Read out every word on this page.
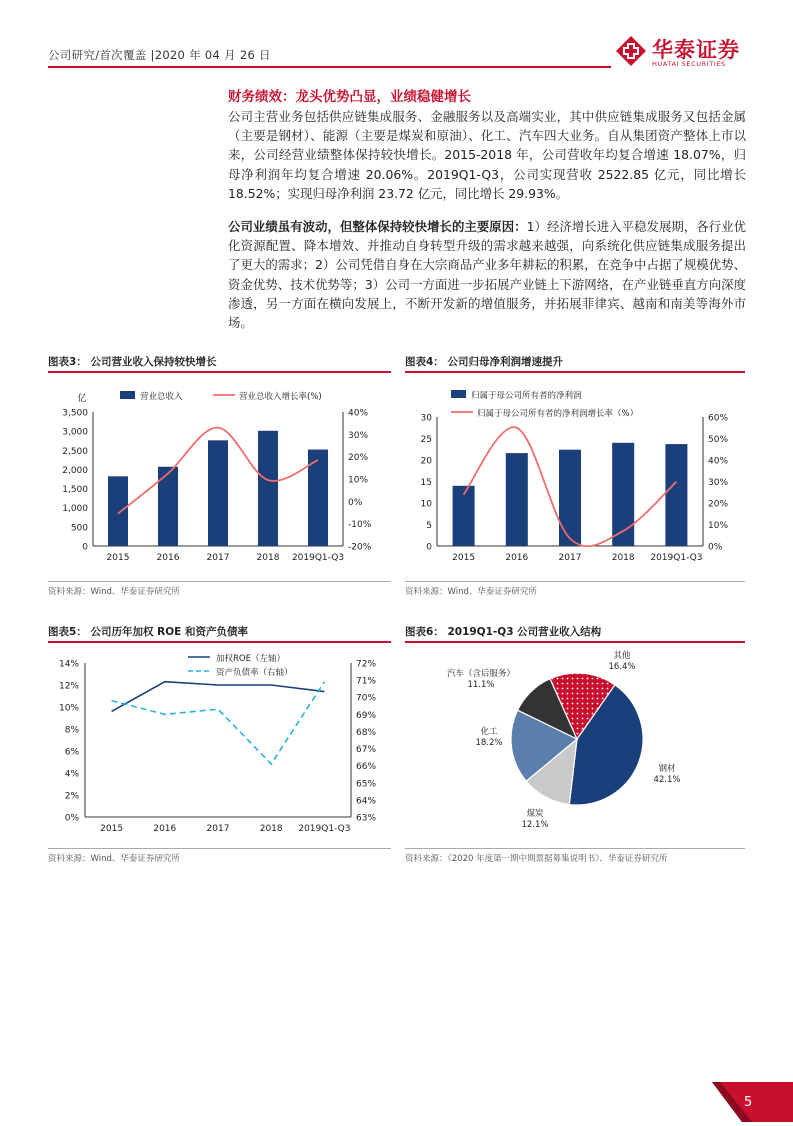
公司研究/首次覆盖 |2020 年 04 月 26 日	华泰证券
HUATAI SECURITIES
财务绩效：龙头优势凸显，业绩稳健增长

公司主营业务包括供应链集成服务、金融服务以及高端实业，其中供应链集成服务又包括金属（主要是钢材）、能源（主要是煤炭和原油）、化工、汽车四大业务。自从集团资产整体上市以来，公司经营业绩整体保持较快增长。2015-2018 年，公司营收年均复合增速 18.07%，归母净利润年均复合增速 20.06%。2019Q1-Q3，公司实现营收 2522.85 亿元，同比增长 18.52%；实现归母净利润 23.72 亿元，同比增长 29.93%。

公司业绩虽有波动，但整体保持较快增长的主要原因：1）经济增长进入平稳发展期，各行业优化资源配置、降本增效、并推动自身转型升级的需求越来越强，向系统化供应链集成服务提出了更大的需求；2）公司凭借自身在大宗商品产业多年耕耘的积累，在竞争中占据了规模优势、资金优势、技术优势等；3）公司一方面进一步拓展产业链上下游网络，在产业链垂直方向深度渗透，另一方面在横向发展上，不断开发新的增值服务，并拓展菲律宾、越南和南美等海外市场。

图表3： 公司营业收入保持较快增长	图表4： 公司归母净利润增速提升
0
500
1,000
1,500
2,000
2,500
3,000
3,500
-20%
-10%
0%
10%
20%
30%
40%
2015	2016	2017	2018 2019Q1-Q3
亿	营业总收入	营业总收入增长率(%)
0
5
10
15
20
25
30
0%
10%
20%
30%
40%
50%
60%
2015	2016	2017	2018 2019Q1-Q3
归属于母公司所有者的净利润
归属于母公司所有者的净利润增长率（%）
资料来源：Wind、华泰证券研究所	资料来源：Wind、华泰证券研究所
图表5： 公司历年加权 ROE 和资产负债率	图表6： 2019Q1-Q3 公司营业收入结构
0%
2%
4%
6%
8%
10%
12%
14%
63%
64%
65%
66%
67%
68%
69%
70%
71%
72%
2015	2016	2017	2018 2019Q1-Q3
加权ROE（左轴）
资产负债率（右轴）
钢材
42.1%
煤炭
12.1%
化工
18.2%
汽车（含后服务）
11.1%
其他
16.4%
资料来源：Wind、华泰证券研究所	资料来源：《2020 年度第一期中期票据募集说明书》、华泰证券研究所
5
